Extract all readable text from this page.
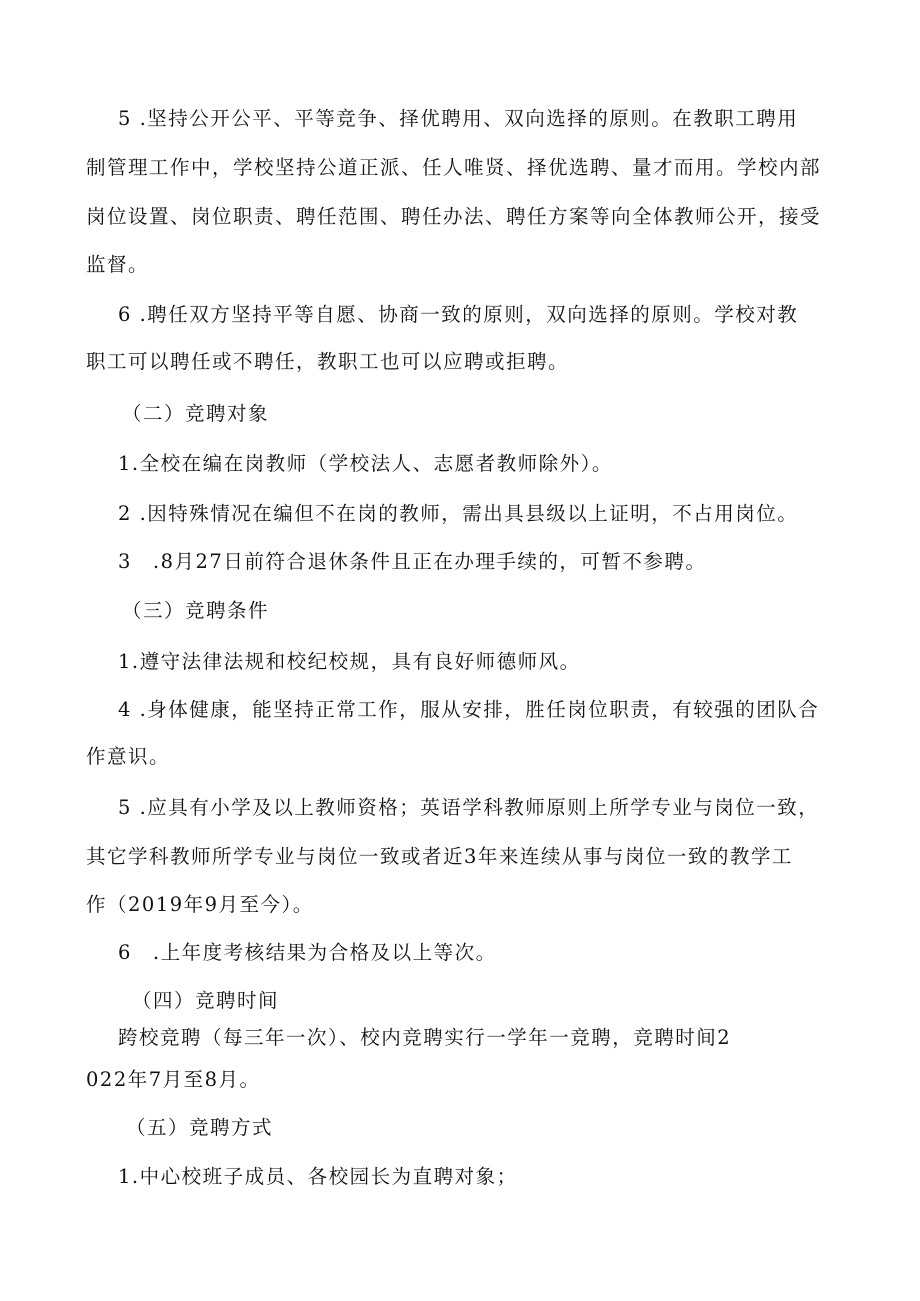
5 .坚持公开公平、平等竞争、择优聘用、双向选择的原则。在教职工聘用
制管理工作中，学校坚持公道正派、任人唯贤、择优选聘、量才而用。学校内部
岗位设置、岗位职责、聘任范围、聘任办法、聘任方案等向全体教师公开，接受
监督。
6 .聘任双方坚持平等自愿、协商一致的原则，双向选择的原则。学校对教
职工可以聘任或不聘任，教职工也可以应聘或拒聘。
（二）竞聘对象
1.全校在编在岗教师（学校法人、志愿者教师除外）。
2 .因特殊情况在编但不在岗的教师，需出具县级以上证明，不占用岗位。
3　.8月27日前符合退休条件且正在办理手续的，可暂不参聘。
（三）竞聘条件
1.遵守法律法规和校纪校规，具有良好师德师风。
4 .身体健康，能坚持正常工作，服从安排，胜任岗位职责，有较强的团队合
作意识。
5 .应具有小学及以上教师资格；英语学科教师原则上所学专业与岗位一致，
其它学科教师所学专业与岗位一致或者近3年来连续从事与岗位一致的教学工
作（2019年9月至今）。
6　.上年度考核结果为合格及以上等次。
（四）竞聘时间
跨校竞聘（每三年一次）、校内竞聘实行一学年一竞聘，竞聘时间2
022年7月至8月。
（五）竞聘方式
1.中心校班子成员、各校园长为直聘对象；
